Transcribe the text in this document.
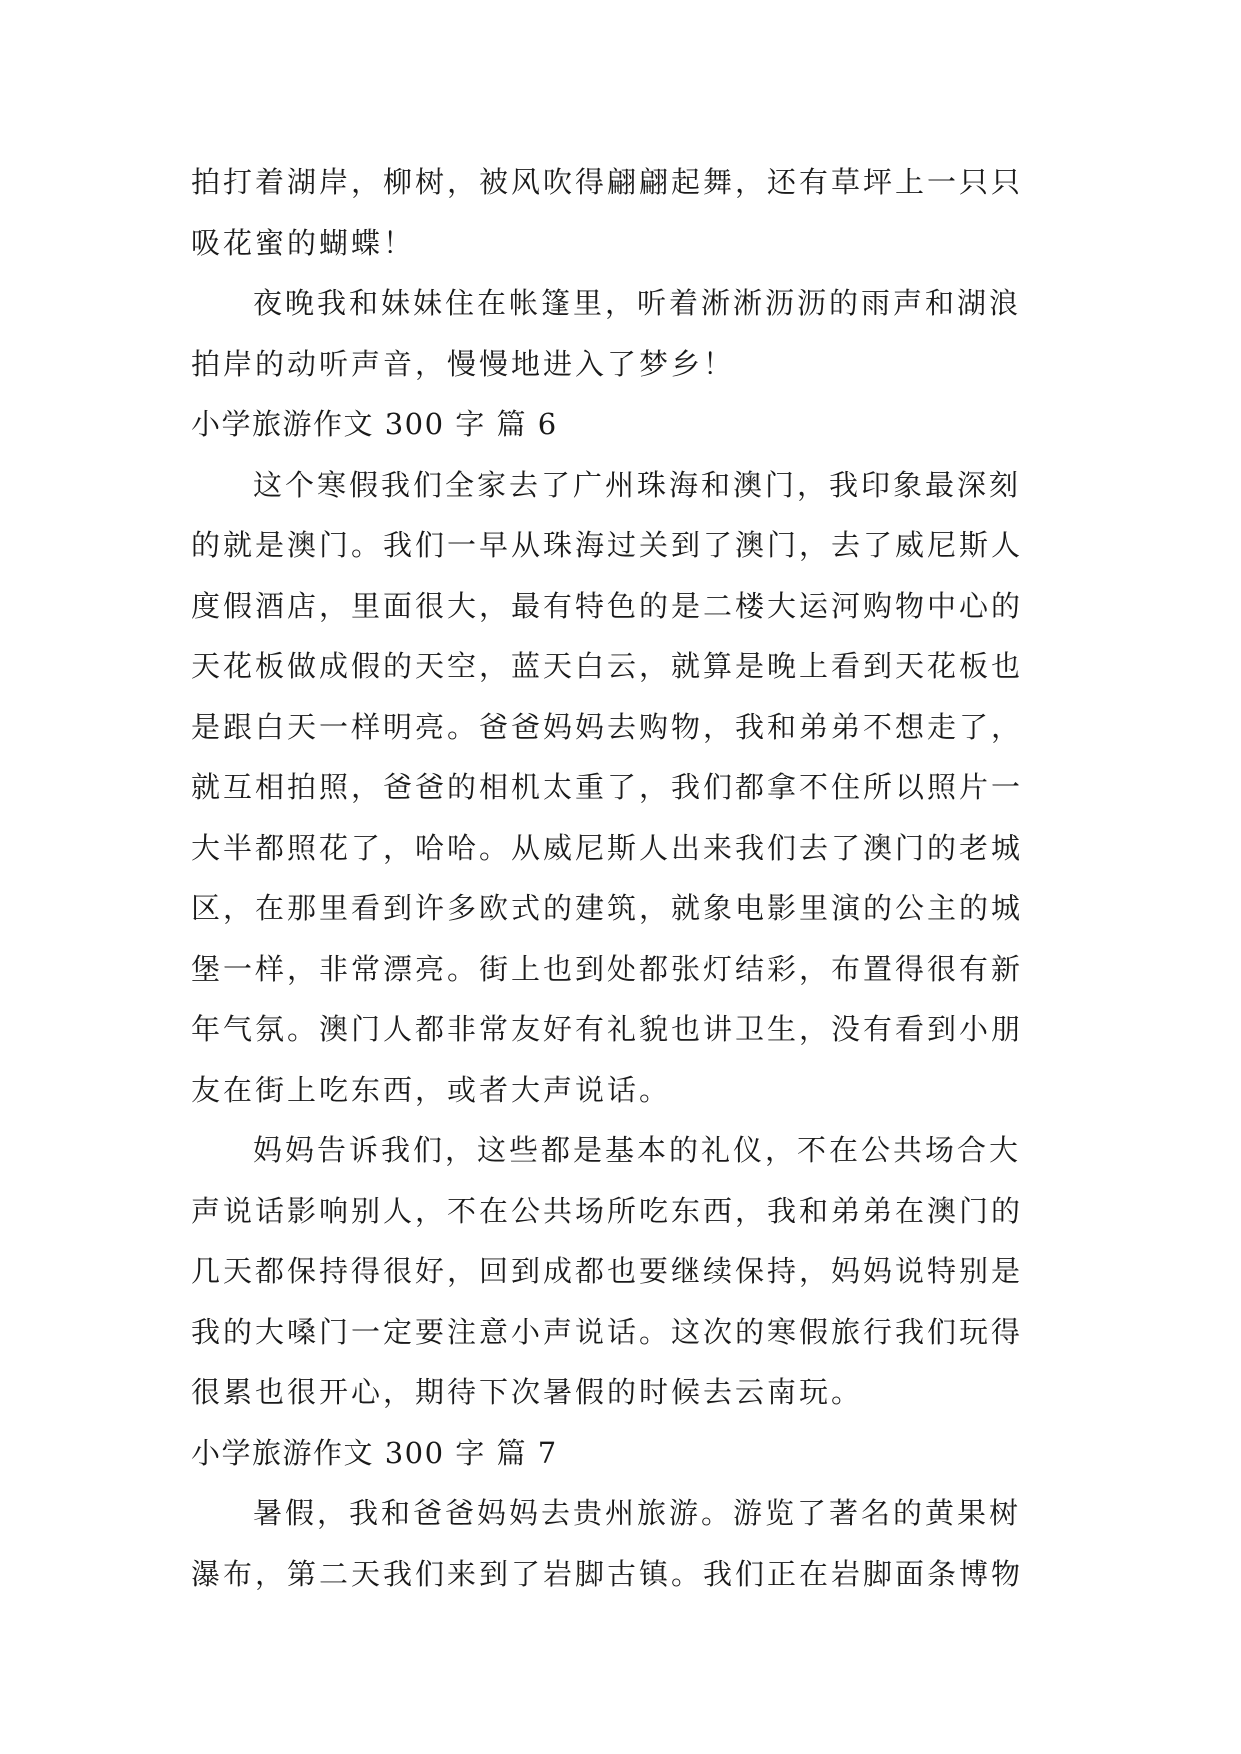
拍打着湖岸，柳树，被风吹得翩翩起舞，还有草坪上一只只
吸花蜜的蝴蝶！
夜晚我和妹妹住在帐篷里，听着淅淅沥沥的雨声和湖浪
拍岸的动听声音，慢慢地进入了梦乡！
小学旅游作文 300 字 篇 6
这个寒假我们全家去了广州珠海和澳门，我印象最深刻
的就是澳门。我们一早从珠海过关到了澳门，去了威尼斯人
度假酒店，里面很大，最有特色的是二楼大运河购物中心的
天花板做成假的天空，蓝天白云，就算是晚上看到天花板也
是跟白天一样明亮。爸爸妈妈去购物，我和弟弟不想走了，
就互相拍照，爸爸的相机太重了，我们都拿不住所以照片一
大半都照花了，哈哈。从威尼斯人出来我们去了澳门的老城
区，在那里看到许多欧式的建筑，就象电影里演的公主的城
堡一样，非常漂亮。街上也到处都张灯结彩，布置得很有新
年气氛。澳门人都非常友好有礼貌也讲卫生，没有看到小朋
友在街上吃东西，或者大声说话。
妈妈告诉我们，这些都是基本的礼仪，不在公共场合大
声说话影响别人，不在公共场所吃东西，我和弟弟在澳门的
几天都保持得很好，回到成都也要继续保持，妈妈说特别是
我的大嗓门一定要注意小声说话。这次的寒假旅行我们玩得
很累也很开心，期待下次暑假的时候去云南玩。
小学旅游作文 300 字 篇 7
暑假，我和爸爸妈妈去贵州旅游。游览了著名的黄果树
瀑布，第二天我们来到了岩脚古镇。我们正在岩脚面条博物
